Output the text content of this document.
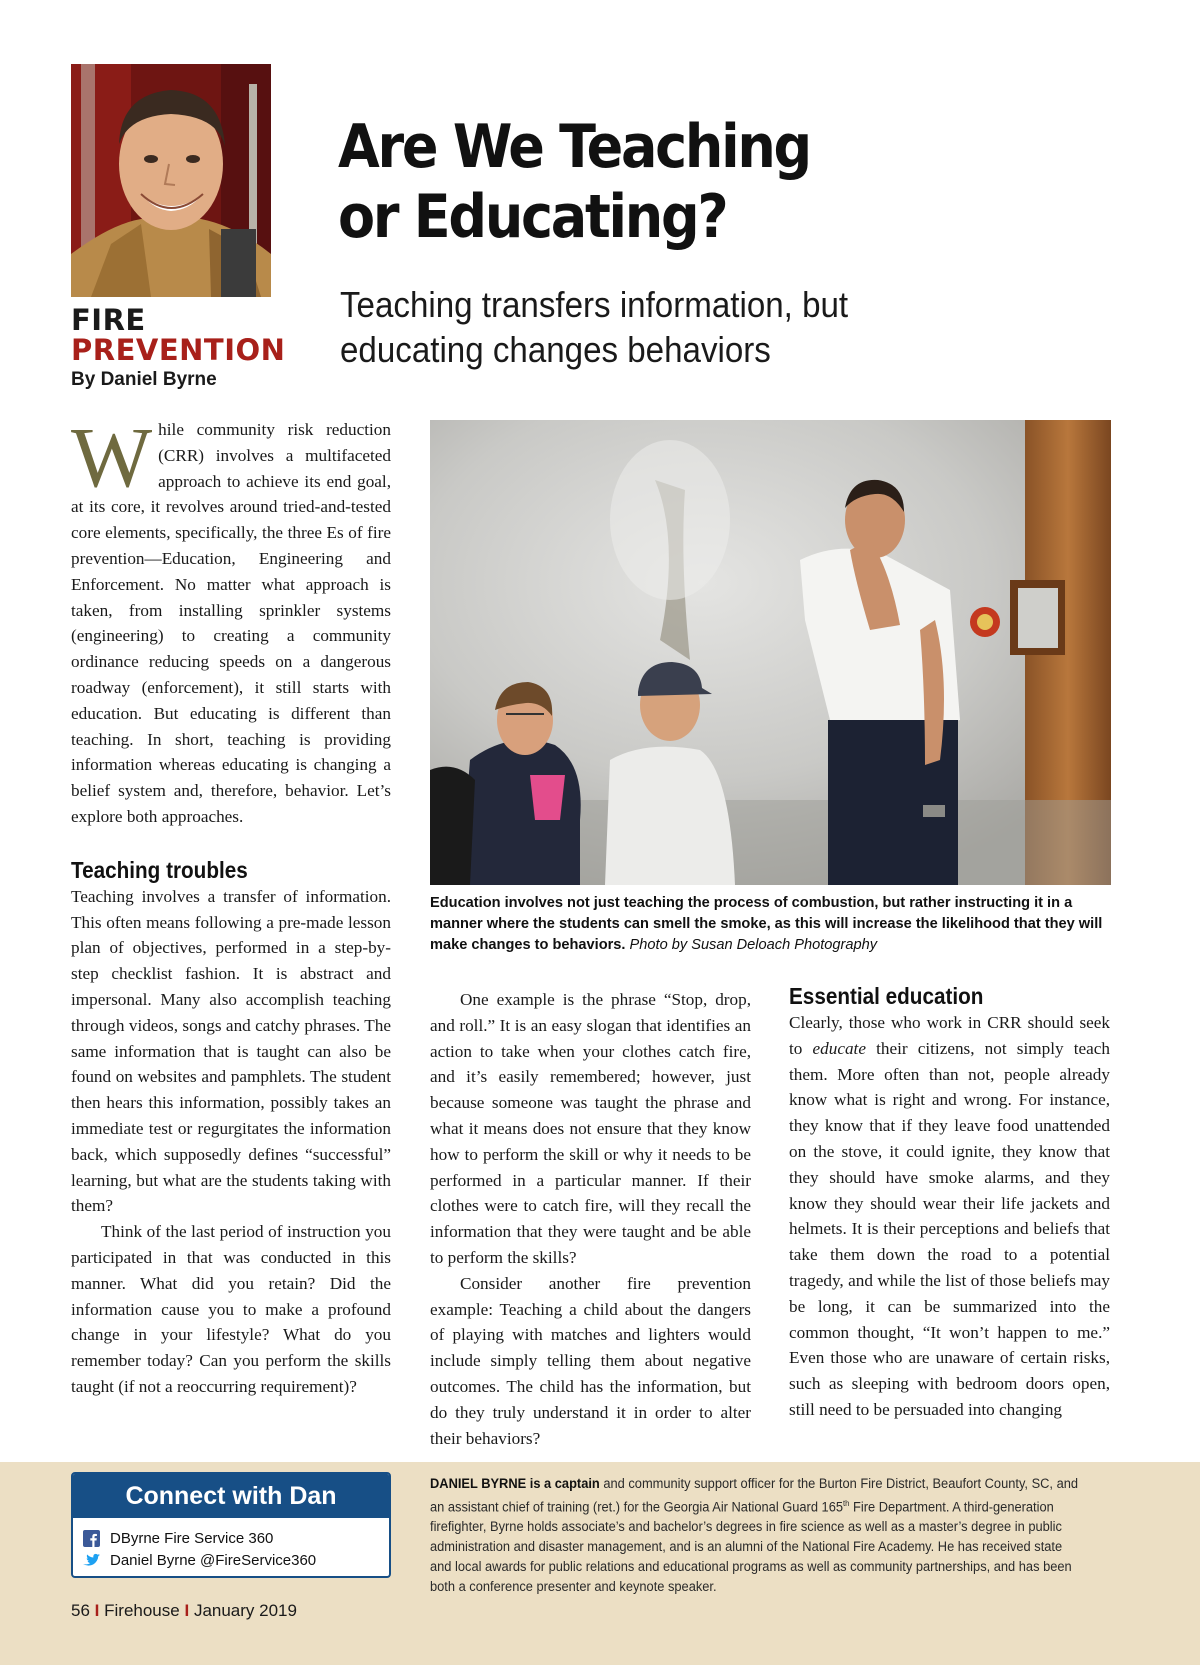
FIRE
PREVENTION
By Daniel Byrne
Are We Teaching
or Educating?
Teaching transfers information, but
educating changes behaviors

While community risk reduction (CRR) involves a multifaceted approach to achieve its end goal, at its core, it revolves around tried-and-tested core elements, specifically, the three Es of fire prevention—Education, Engineering and Enforcement. No matter what approach is taken, from installing sprinkler systems (engineering) to creating a community ordinance reducing speeds on a dangerous roadway (enforcement), it still starts with education. But educating is different than teaching. In short, teaching is providing information whereas educating is changing a belief system and, therefore, behavior. Let’s explore both approaches.

Teaching troubles

Teaching involves a transfer of information. This often means following a pre-made lesson plan of objectives, performed in a step-by-step checklist fashion. It is abstract and impersonal. Many also accomplish teaching through videos, songs and catchy phrases. The same information that is taught can also be found on websites and pamphlets. The student then hears this information, possibly takes an immediate test or regurgitates the information back, which supposedly defines “successful” learning, but what are the students taking with them?

Think of the last period of instruction you participated in that was conducted in this manner. What did you retain? Did the information cause you to make a profound change in your lifestyle? What do you remember today? Can you perform the skills taught (if not a reoccurring requirement)?

Education involves not just teaching the process of combustion, but rather instructing it in a manner where the students can smell the smoke, as this will increase the likelihood that they will make changes to behaviors. Photo by Susan Deloach Photography

One example is the phrase “Stop, drop, and roll.” It is an easy slogan that identifies an action to take when your clothes catch fire, and it’s easily remembered; however, just because someone was taught the phrase and what it means does not ensure that they know how to perform the skill or why it needs to be performed in a particular manner. If their clothes were to catch fire, will they recall the information that they were taught and be able to perform the skills?

Consider another fire prevention example: Teaching a child about the dangers of playing with matches and lighters would include simply telling them about negative outcomes. The child has the information, but do they truly understand it in order to alter their behaviors?

Essential education

Clearly, those who work in CRR should seek to educate their citizens, not simply teach them. More often than not, people already know what is right and wrong. For instance, they know that if they leave food unattended on the stove, it could ignite, they know that they should have smoke alarms, and they know they should wear their life jackets and helmets. It is their perceptions and beliefs that take them down the road to a potential tragedy, and while the list of those beliefs may be long, it can be summarized into the common thought, “It won’t happen to me.” Even those who are unaware of certain risks, such as sleeping with bedroom doors open, still need to be persuaded into changing

Connect with Dan
DByrne Fire Service 360
Daniel Byrne @FireService360
DANIEL BYRNE is a captain and community support officer for the Burton Fire District, Beaufort County, SC, and an assistant chief of training (ret.) for the Georgia Air National Guard 165th Fire Department. A third-generation firefighter, Byrne holds associate’s and bachelor’s degrees in fire science as well as a master’s degree in public administration and disaster management, and is an alumni of the National Fire Academy. He has received state and local awards for public relations and educational programs as well as community partnerships, and has been both a conference presenter and keynote speaker.
56 I Firehouse I January 2019
